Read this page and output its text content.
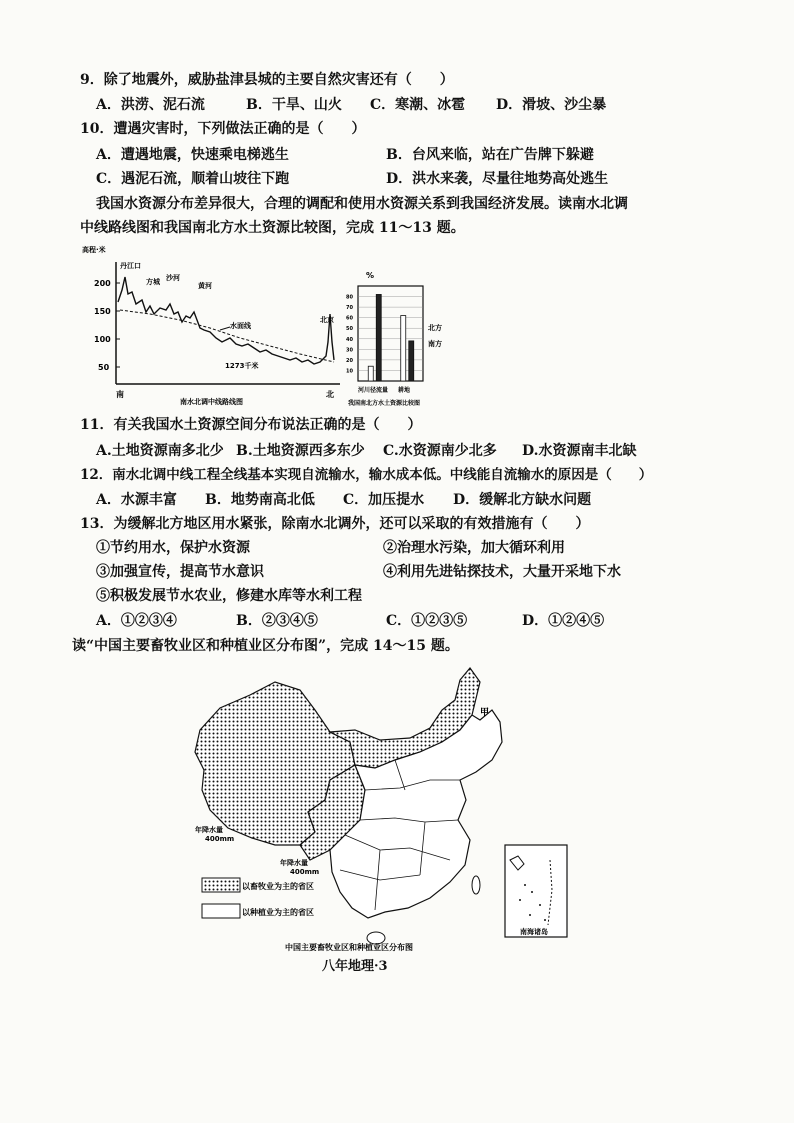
9．除了地震外，威胁盐津县城的主要自然灾害还有（　　）
A．洪涝、泥石流	B．干旱、山火 C．寒潮、冰雹 D．滑坡、沙尘暴
10．遭遇灾害时，下列做法正确的是（　　）
A．遭遇地震，快速乘电梯逃生	B．台风来临，站在广告牌下躲避
C．遇泥石流，顺着山坡往下跑	D．洪水来袭，尽量往地势高处逃生
我国水资源分布差异很大，合理的调配和使用水资源关系到我国经济发展。读南水北调
中线路线图和我国南北方水土资源比较图，完成 11～13 题。
高程·米
200
150
100
50
丹江口
方城 沙河
黄河
北京
水面线
1273千米
南	北
南水北调中线路线图
%
80
70
60
50
40
30
20
10
河川径流量 耕地
北方
南方
我国南北方水土资源比较图
11．有关我国水土资源空间分布说法正确的是（　　）
A.土地资源南多北少 B.土地资源西多东少 C.水资源南少北多 D.水资源南丰北缺
12．南水北调中线工程全线基本实现自流输水，输水成本低。中线能自流输水的原因是（　　）
A．水源丰富 B．地势南高北低 C．加压提水 D．缓解北方缺水问题
13．为缓解北方地区用水紧张，除南水北调外，还可以采取的有效措施有（　　）
①节约用水，保护水资源	②治理水污染，加大循环利用
③加强宣传，提高节水意识	④利用先进钻探技术，大量开采地下水
⑤积极发展节水农业，修建水库等水利工程
A．①②③④	B．②③④⑤	C．①②③⑤	D．①②④⑤
读“中国主要畜牧业区和种植业区分布图”，完成 14～15 题。
甲
年降水量 400mm
年降水量 400mm
以畜牧业为主的省区
以种植业为主的省区
南海诸岛
中国主要畜牧业区和种植业区分布图
八年地理·3
